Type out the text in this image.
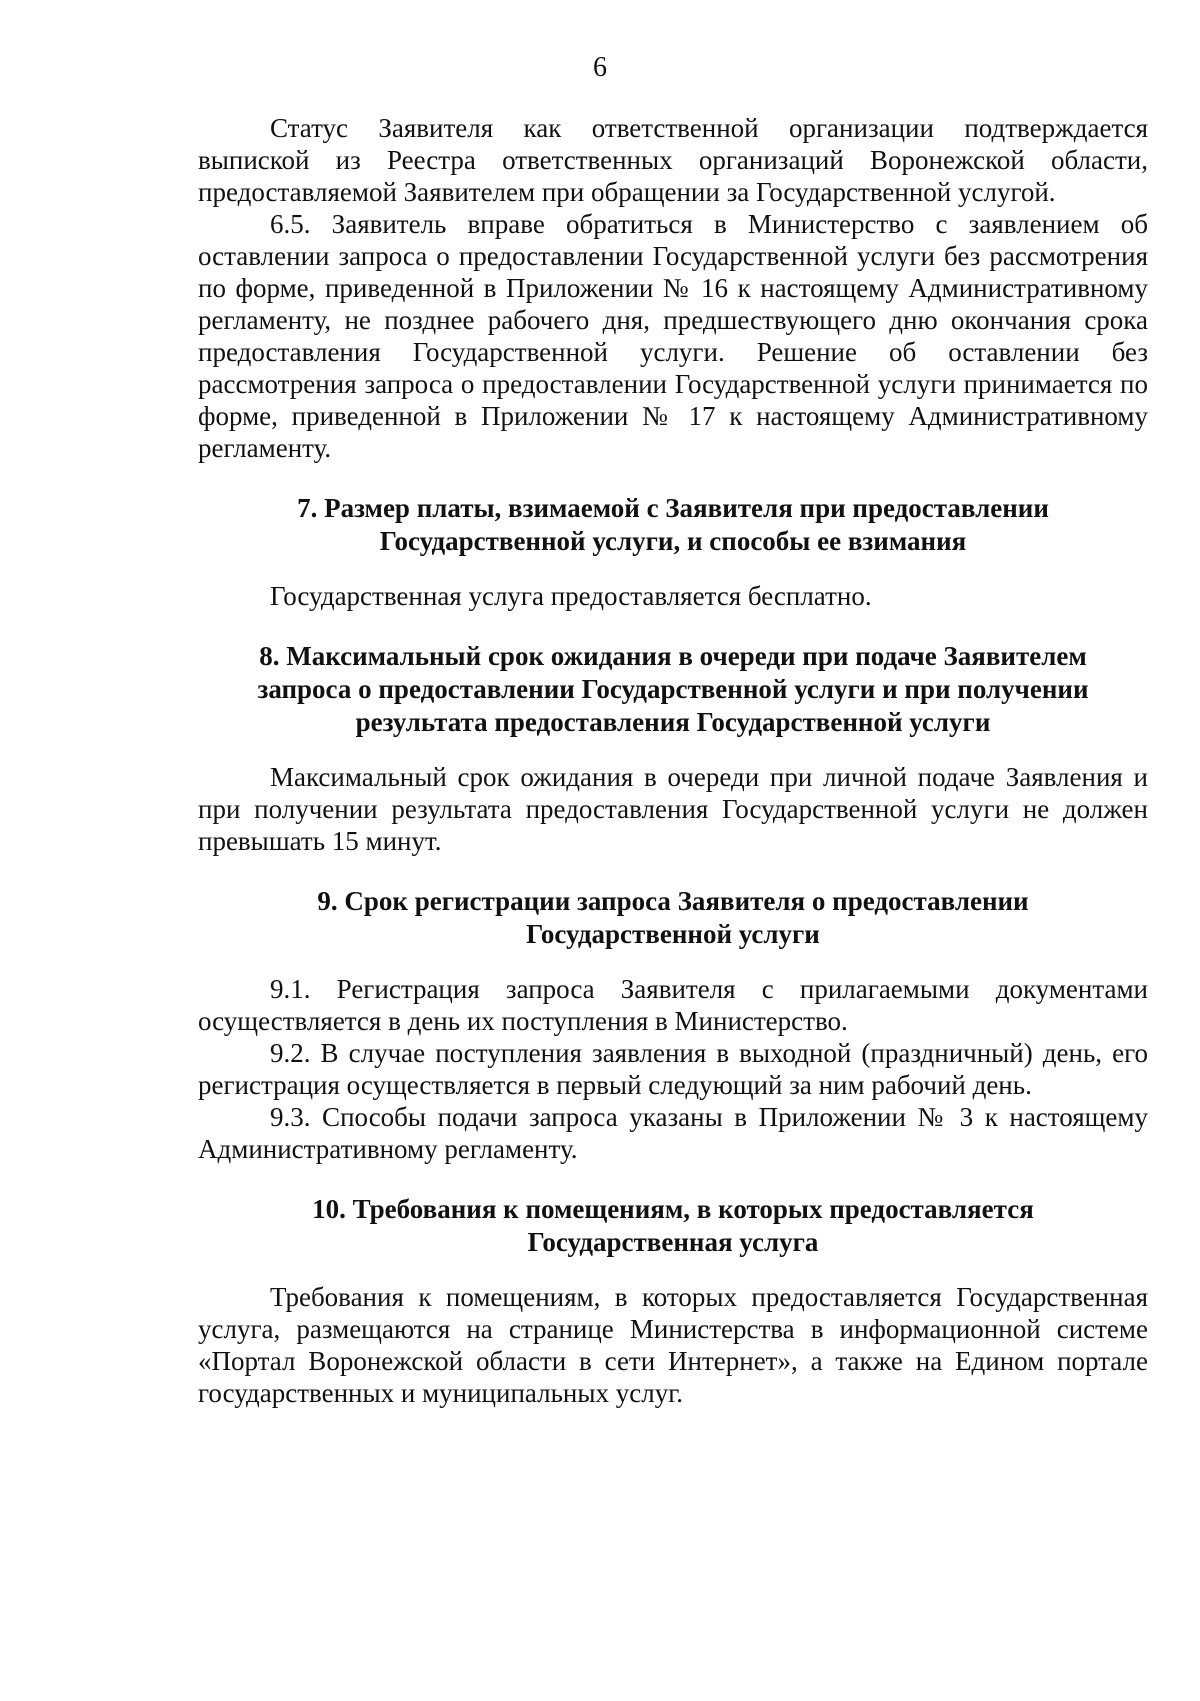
6

Статус Заявителя как ответственной организации подтверждается выпиской из Реестра ответственных организаций Воронежской области, предоставляемой Заявителем при обращении за Государственной услугой.

6.5. Заявитель вправе обратиться в Министерство с заявлением об оставлении запроса о предоставлении Государственной услуги без рассмотрения по форме, приведенной в Приложении № 16 к настоящему Административному регламенту, не позднее рабочего дня, предшествующего дню окончания срока предоставления Государственной услуги. Решение об оставлении без рассмотрения запроса о предоставлении Государственной услуги принимается по форме, приведенной в Приложении № 17 к настоящему Административному регламенту.

7. Размер платы, взимаемой с Заявителя при предоставлении Государственной услуги, и способы ее взимания

Государственная услуга предоставляется бесплатно.

8. Максимальный срок ожидания в очереди при подаче Заявителем запроса о предоставлении Государственной услуги и при получении результата предоставления Государственной услуги

Максимальный срок ожидания в очереди при личной подаче Заявления и при получении результата предоставления Государственной услуги не должен превышать 15 минут.

9. Срок регистрации запроса Заявителя о предоставлении Государственной услуги

9.1. Регистрация запроса Заявителя с прилагаемыми документами осуществляется в день их поступления в Министерство.

9.2. В случае поступления заявления в выходной (праздничный) день, его регистрация осуществляется в первый следующий за ним рабочий день.

9.3. Способы подачи запроса указаны в Приложении № 3 к настоящему Административному регламенту.

10. Требования к помещениям, в которых предоставляется Государственная услуга

Требования к помещениям, в которых предоставляется Государственная услуга, размещаются на странице Министерства в информационной системе «Портал Воронежской области в сети Интернет», а также на Едином портале государственных и муниципальных услуг.
